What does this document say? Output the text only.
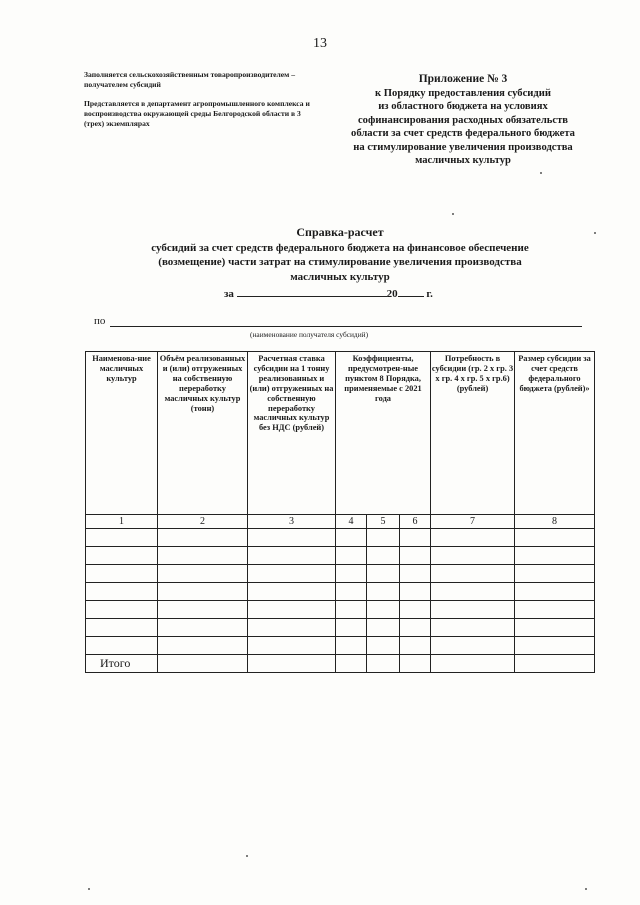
13

Заполняется сельскохозяйственным товаропроизводителем – получателем субсидий

Представляется в департамент агропромышленного комплекса и воспроизводства окружающей среды Белгородской области в 3 (трех) экземплярах

Приложение № 3
к Порядку предоставления субсидий
из областного бюджета на условиях
софинансирования расходных обязательств
области за счет средств федерального бюджета
на стимулирование увеличения производства
масличных культур
Справка-расчет
субсидий за счет средств федерального бюджета на финансовое обеспечение
(возмещение) части затрат на стимулирование увеличения производства
масличных культур
за	20	г.
по
(наименование получателя субсидий)
Наименова-ние масличных культур	Объём реализованных и (или) отгруженных на собственную переработку масличных культур (тонн)	Расчетная ставка субсидии на 1 тонну реализованных и (или) отгруженных на собственную переработку масличных культур без НДС (рублей)	Коэффициенты, предусмотрен-ные пунктом 8 Порядка, применяемые с 2021 года			Потребность в субсидии (гр. 2 х гр. 3 х гр. 4 х гр. 5 х гр.6) (рублей)	Размер субсидии за счет средств федерального бюджета (рублей)»
1	2	3	4	5	6	7	8

Итого							
